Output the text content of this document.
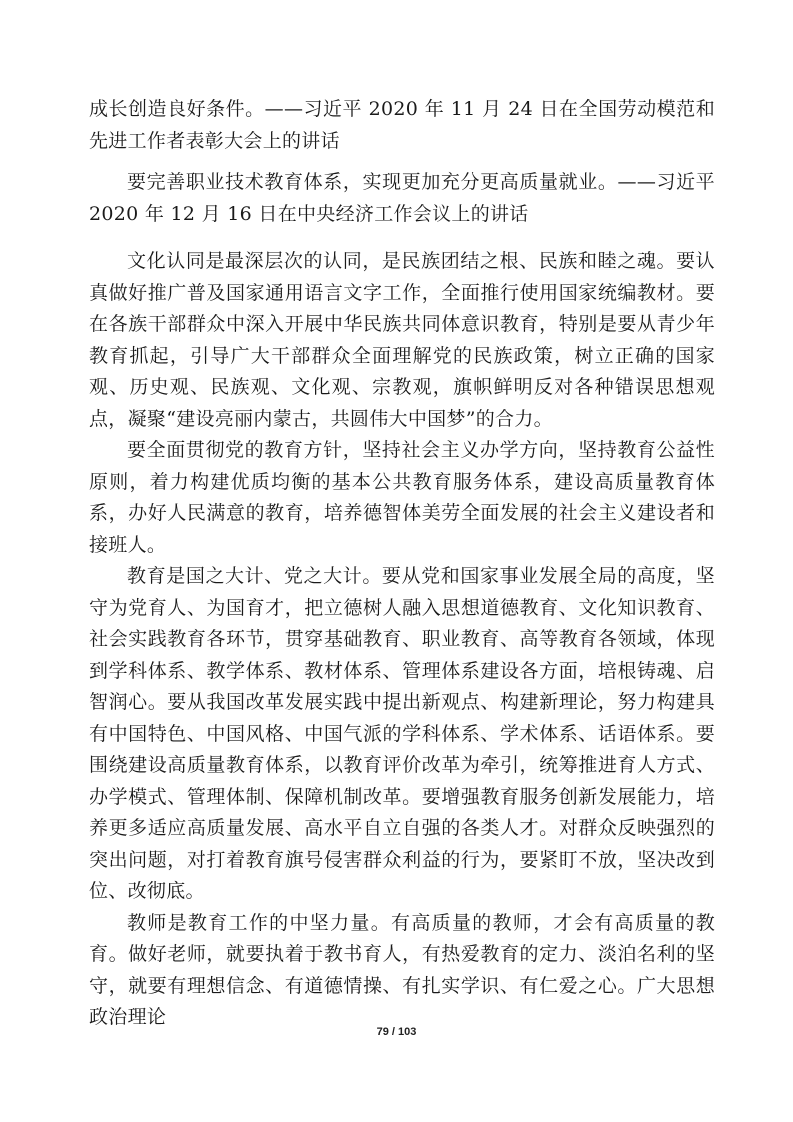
成长创造良好条件。——习近平 2020 年 11 月 24 日在全国劳动模范和先进工作者表彰大会上的讲话

要完善职业技术教育体系，实现更加充分更高质量就业。——习近平 2020 年 12 月 16 日在中央经济工作会议上的讲话

文化认同是最深层次的认同，是民族团结之根、民族和睦之魂。要认真做好推广普及国家通用语言文字工作，全面推行使用国家统编教材。要在各族干部群众中深入开展中华民族共同体意识教育，特别是要从青少年教育抓起，引导广大干部群众全面理解党的民族政策，树立正确的国家观、历史观、民族观、文化观、宗教观，旗帜鲜明反对各种错误思想观点，凝聚“建设亮丽内蒙古，共圆伟大中国梦”的合力。

要全面贯彻党的教育方针，坚持社会主义办学方向，坚持教育公益性原则，着力构建优质均衡的基本公共教育服务体系，建设高质量教育体系，办好人民满意的教育，培养德智体美劳全面发展的社会主义建设者和接班人。

教育是国之大计、党之大计。要从党和国家事业发展全局的高度，坚守为党育人、为国育才，把立德树人融入思想道德教育、文化知识教育、社会实践教育各环节，贯穿基础教育、职业教育、高等教育各领域，体现到学科体系、教学体系、教材体系、管理体系建设各方面，培根铸魂、启智润心。要从我国改革发展实践中提出新观点、构建新理论，努力构建具有中国特色、中国风格、中国气派的学科体系、学术体系、话语体系。要围绕建设高质量教育体系，以教育评价改革为牵引，统筹推进育人方式、办学模式、管理体制、保障机制改革。要增强教育服务创新发展能力，培养更多适应高质量发展、高水平自立自强的各类人才。对群众反映强烈的突出问题，对打着教育旗号侵害群众利益的行为，要紧盯不放，坚决改到位、改彻底。

教师是教育工作的中坚力量。有高质量的教师，才会有高质量的教育。做好老师，就要执着于教书育人，有热爱教育的定力、淡泊名利的坚守，就要有理想信念、有道德情操、有扎实学识、有仁爱之心。广大思想政治理论

79 / 103
